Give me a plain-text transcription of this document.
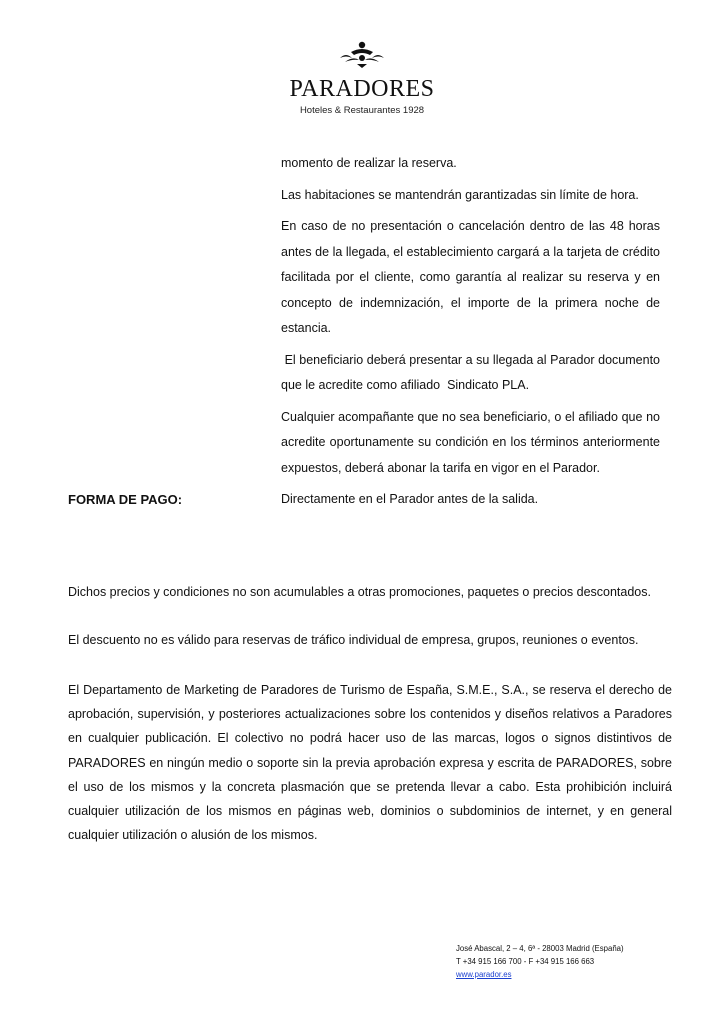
PARADORES
Hoteles & Restaurantes 1928

momento de realizar la reserva.

Las habitaciones se mantendrán garantizadas sin límite de hora.

En caso de no presentación o cancelación dentro de las 48 horas antes de la llegada, el establecimiento cargará a la tarjeta de crédito facilitada por el cliente, como garantía al realizar su reserva y en concepto de indemnización, el importe de la primera noche de estancia.

El beneficiario deberá presentar a su llegada al Parador documento que le acredite como afiliado  Sindicato PLA.

Cualquier acompañante que no sea beneficiario, o el afiliado que no acredite oportunamente su condición en los términos anteriormente expuestos, deberá abonar la tarifa en vigor en el Parador.

FORMA DE PAGO:	Directamente en el Parador antes de la salida.

Dichos precios y condiciones no son acumulables a otras promociones, paquetes o precios descontados.

El descuento no es válido para reservas de tráfico individual de empresa, grupos, reuniones o eventos.

El Departamento de Marketing de Paradores de Turismo de España, S.M.E., S.A., se reserva el derecho de aprobación, supervisión, y posteriores actualizaciones sobre los contenidos y diseños relativos a Paradores en cualquier publicación. El colectivo no podrá hacer uso de las marcas, logos o signos distintivos de PARADORES en ningún medio o soporte sin la previa aprobación expresa y escrita de PARADORES, sobre el uso de los mismos y la concreta plasmación que se pretenda llevar a cabo. Esta prohibición incluirá cualquier utilización de los mismos en páginas web, dominios o subdominios de internet, y en general cualquier utilización o alusión de los mismos.

José Abascal, 2 – 4, 6ª - 28003 Madrid (España)
T +34 915 166 700 - F +34 915 166 663
www.parador.es
